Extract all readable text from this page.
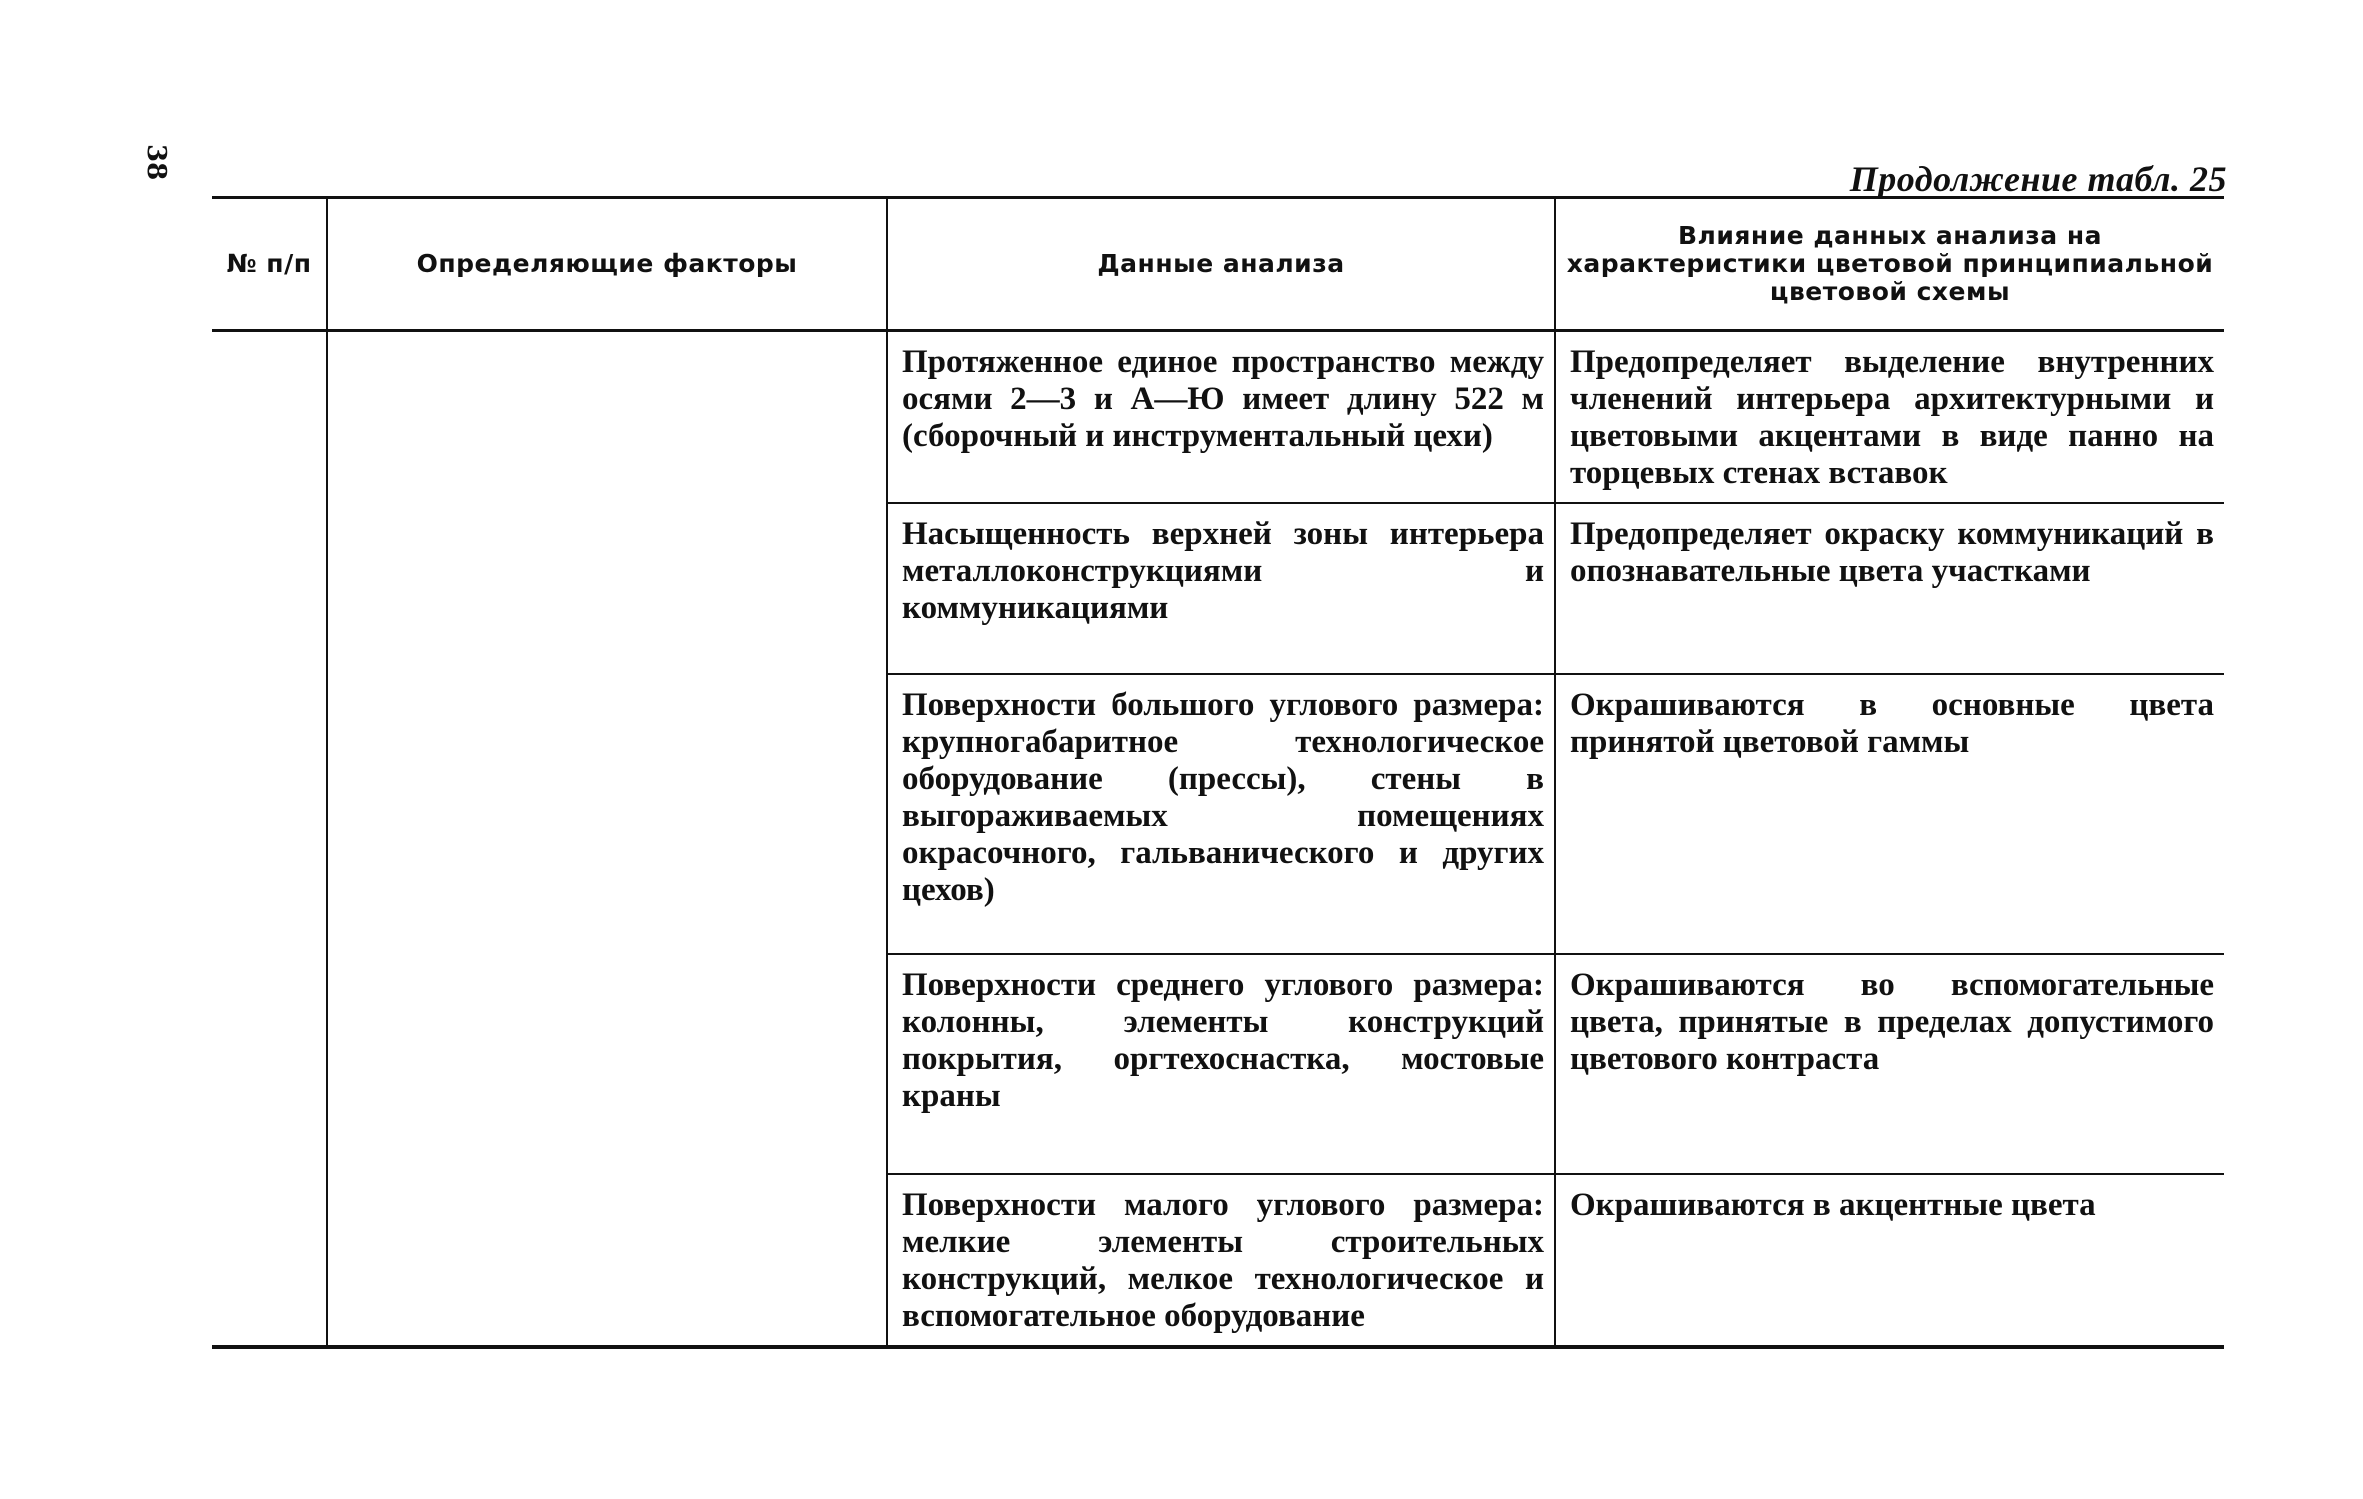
38	Продолжение табл. 25
№ п/п	Определяющие факторы	Данные анализа	Влияние данных анализа на характеристики цветовой принципиальной цветовой схемы
		Протяженное единое пространство между осями 2—3 и А—Ю имеет длину 522 м (сборочный и инструментальный цехи)	Предопределяет выделение внутренних членений интерьера архитектурными и цветовыми акцентами в виде панно на торцевых стенах вставок
		Насыщенность верхней зоны интерьера металлоконструкциями и коммуникациями	Предопределяет окраску коммуникаций в опознавательные цвета участками
		Поверхности большого углового размера: крупногабаритное технологическое оборудование (прессы), стены в выгораживаемых помещениях окрасочного, гальванического и других цехов)	Окрашиваются в основные цвета принятой цветовой гаммы
		Поверхности среднего углового размера: колонны, элементы конструкций покрытия, оргтехоснастка, мостовые краны	Окрашиваются во вспомогательные цвета, принятые в пределах допустимого цветового контраста
		Поверхности малого углового размера: мелкие элементы строительных конструкций, мелкое технологическое и вспомогательное оборудование	Окрашиваются в акцентные цвета
